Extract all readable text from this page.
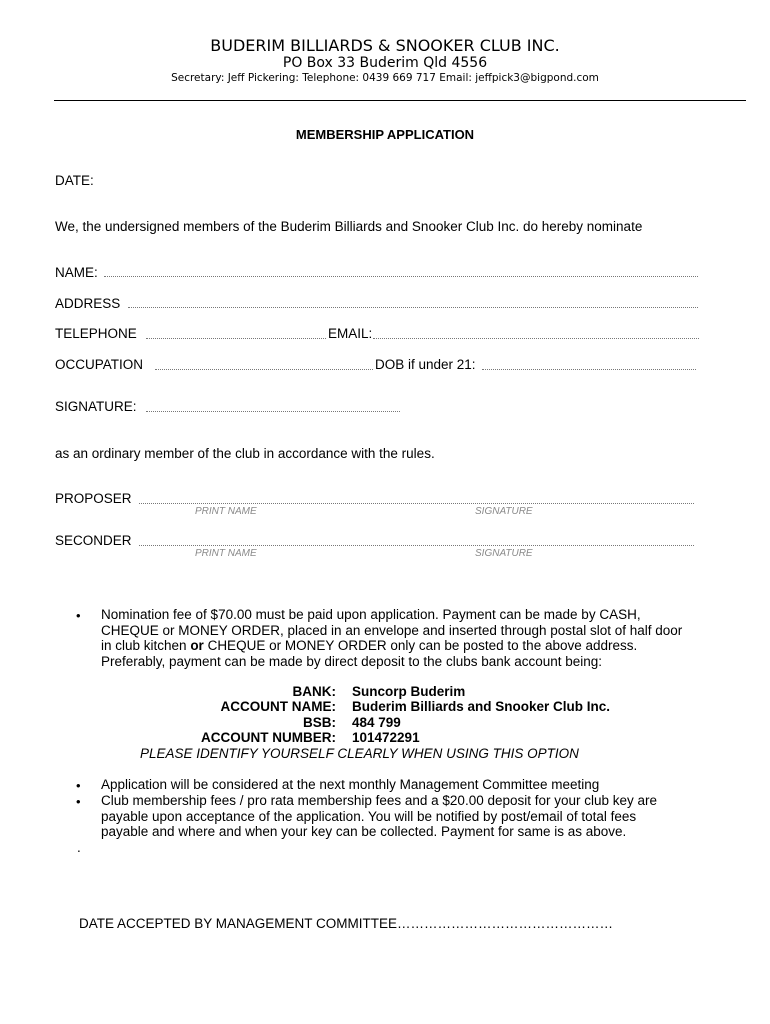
BUDERIM BILLIARDS & SNOOKER CLUB INC.
PO Box 33 Buderim Qld 4556
Secretary: Jeff Pickering: Telephone: 0439 669 717 Email: jeffpick3@bigpond.com
MEMBERSHIP APPLICATION
DATE:
We, the undersigned members of the Buderim Billiards and Snooker Club Inc. do hereby nominate
NAME:
ADDRESS
TELEPHONE	EMAIL:
OCCUPATION	DOB if under 21:
SIGNATURE:
as an ordinary member of the club in accordance with the rules.
PROPOSER
PRINT NAME	SIGNATURE
SECONDER
PRINT NAME	SIGNATURE
• Nomination fee of $70.00 must be paid upon application. Payment can be made by CASH,
CHEQUE or MONEY ORDER, placed in an envelope and inserted through postal slot of half door
in club kitchen or CHEQUE or MONEY ORDER only can be posted to the above address.
Preferably, payment can be made by direct deposit to the clubs bank account being:
BANK: Suncorp Buderim
ACCOUNT NAME: Buderim Billiards and Snooker Club Inc.
BSB: 484 799
ACCOUNT NUMBER: 101472291
PLEASE IDENTIFY YOURSELF CLEARLY WHEN USING THIS OPTION
• Application will be considered at the next monthly Management Committee meeting
• Club membership fees / pro rata membership fees and a $20.00 deposit for your club key are
payable upon acceptance of the application. You will be notified by post/email of total fees
payable and where and when your key can be collected. Payment for same is as above.
.
DATE ACCEPTED BY MANAGEMENT COMMITTEE…………………………………………
